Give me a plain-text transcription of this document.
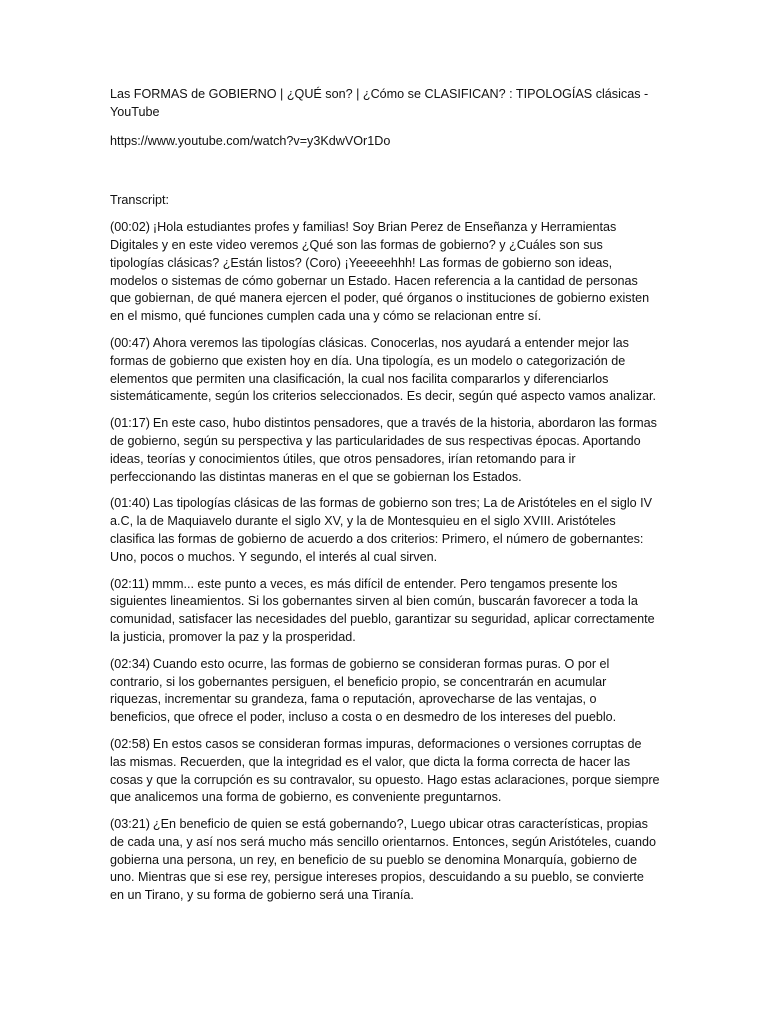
Las FORMAS de GOBIERNO | ¿QUÉ son? | ¿Cómo se CLASIFICAN? : TIPOLOGÍAS clásicas - YouTube

https://www.youtube.com/watch?v=y3KdwVOr1Do

Transcript:

(00:02) ¡Hola estudiantes profes y familias! Soy Brian Perez de Enseñanza y Herramientas Digitales y en este video veremos ¿Qué son las formas de gobierno? y ¿Cuáles son sus tipologías clásicas? ¿Están listos? (Coro) ¡Yeeeeehhh! Las formas de gobierno son ideas, modelos o sistemas de cómo gobernar un Estado. Hacen referencia a la cantidad de personas que gobiernan, de qué manera ejercen el poder, qué órganos o instituciones de gobierno existen en el mismo, qué funciones cumplen cada una y cómo se relacionan entre sí.

(00:47) Ahora veremos las tipologías clásicas. Conocerlas, nos ayudará a entender mejor las formas de gobierno que existen hoy en día. Una tipología, es un modelo o categorización de elementos que permiten una clasificación, la cual nos facilita compararlos y diferenciarlos sistemáticamente, según los criterios seleccionados. Es decir, según qué aspecto vamos analizar.

(01:17) En este caso, hubo distintos pensadores, que a través de la historia, abordaron las formas de gobierno, según su perspectiva y las particularidades de sus respectivas épocas. Aportando ideas, teorías y conocimientos útiles, que otros pensadores, irían retomando para ir perfeccionando las distintas maneras en el que se gobiernan los Estados.

(01:40) Las tipologías clásicas de las formas de gobierno son tres; La de Aristóteles en el siglo IV a.C, la de Maquiavelo durante el siglo XV, y la de Montesquieu en el siglo XVIII. Aristóteles clasifica las formas de gobierno de acuerdo a dos criterios: Primero, el número de gobernantes: Uno, pocos o muchos. Y segundo, el interés al cual sirven.

(02:11) mmm... este punto a veces, es más difícil de entender. Pero tengamos presente los siguientes lineamientos. Si los gobernantes sirven al bien común, buscarán favorecer a toda la comunidad, satisfacer las necesidades del pueblo, garantizar su seguridad, aplicar correctamente la justicia, promover la paz y la prosperidad.

(02:34) Cuando esto ocurre, las formas de gobierno se consideran formas puras. O por el contrario, si los gobernantes persiguen, el beneficio propio, se concentrarán en acumular riquezas, incrementar su grandeza, fama o reputación, aprovecharse de las ventajas, o beneficios, que ofrece el poder, incluso a costa o en desmedro de los intereses del pueblo.

(02:58) En estos casos se consideran formas impuras, deformaciones o versiones corruptas de las mismas. Recuerden, que la integridad es el valor, que dicta la forma correcta de hacer las cosas y que la corrupción es su contravalor, su opuesto. Hago estas aclaraciones, porque siempre que analicemos una forma de gobierno, es conveniente preguntarnos.

(03:21) ¿En beneficio de quien se está gobernando?, Luego ubicar otras características, propias de cada una, y así nos será mucho más sencillo orientarnos. Entonces, según Aristóteles, cuando gobierna una persona, un rey, en beneficio de su pueblo se denomina Monarquía, gobierno de uno. Mientras que si ese rey, persigue intereses propios, descuidando a su pueblo, se convierte en un Tirano, y su forma de gobierno será una Tiranía.
